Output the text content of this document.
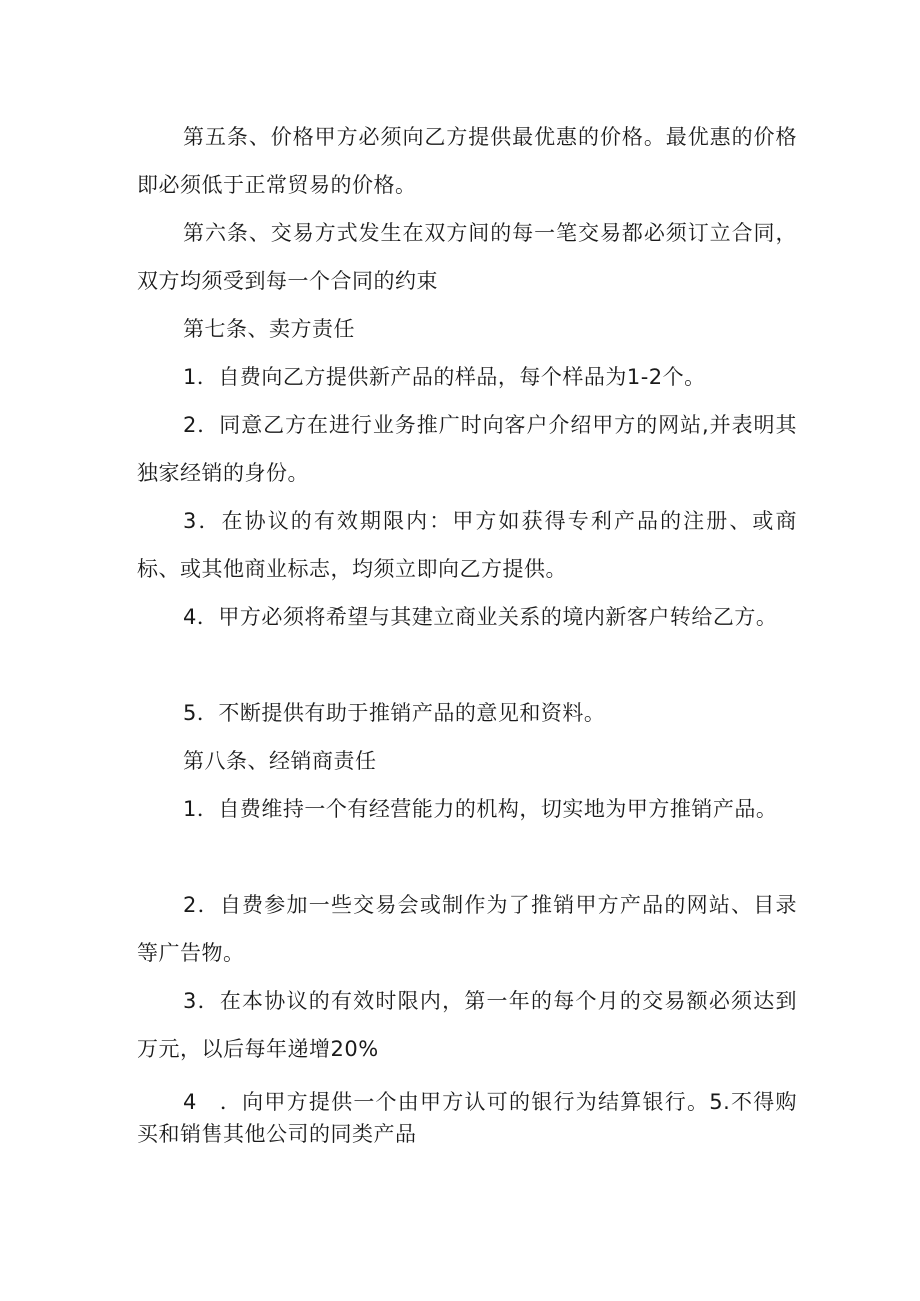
第五条、价格甲方必须向乙方提供最优惠的价格。最优惠的价格即必须低于正常贸易的价格。
第六条、交易方式发生在双方间的每一笔交易都必须订立合同，双方均须受到每一个合同的约束
第七条、卖方责任
1．自费向乙方提供新产品的样品，每个样品为1-2个。
2．同意乙方在进行业务推广时向客户介绍甲方的网站,并表明其独家经销的身份。
3．在协议的有效期限内：甲方如获得专利产品的注册、或商标、或其他商业标志，均须立即向乙方提供。
4．甲方必须将希望与其建立商业关系的境内新客户转给乙方。
5．不断提供有助于推销产品的意见和资料。
第八条、经销商责任
1．自费维持一个有经营能力的机构，切实地为甲方推销产品。
2．自费参加一些交易会或制作为了推销甲方产品的网站、目录等广告物。
3．在本协议的有效时限内，第一年的每个月的交易额必须达到　万元，以后每年递增20%
4　．向甲方提供一个由甲方认可的银行为结算银行。5.不得购买和销售其他公司的同类产品
